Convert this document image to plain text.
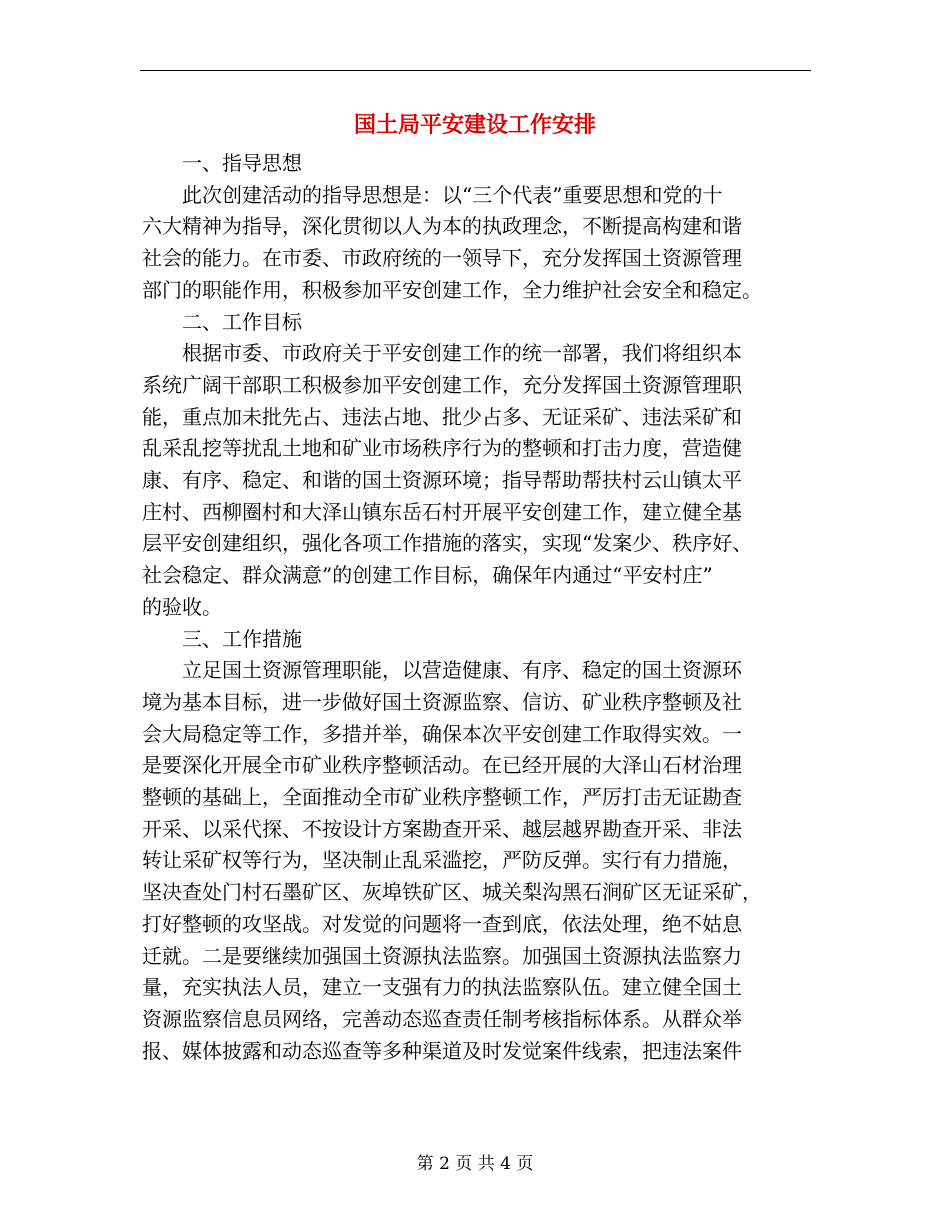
国土局平安建设工作安排

一、指导思想

此次创建活动的指导思想是：以“三个代表”重要思想和党的十
六大精神为指导，深化贯彻以人为本的执政理念，不断提高构建和谐
社会的能力。在市委、市政府统的一领导下，充分发挥国土资源管理
部门的职能作用，积极参加平安创建工作，全力维护社会安全和稳定。

二、工作目标

根据市委、市政府关于平安创建工作的统一部署，我们将组织本
系统广阔干部职工积极参加平安创建工作，充分发挥国土资源管理职
能，重点加未批先占、违法占地、批少占多、无证采矿、违法采矿和
乱采乱挖等扰乱土地和矿业市场秩序行为的整顿和打击力度，营造健
康、有序、稳定、和谐的国土资源环境；指导帮助帮扶村云山镇太平
庄村、西柳圈村和大泽山镇东岳石村开展平安创建工作，建立健全基
层平安创建组织，强化各项工作措施的落实，实现“发案少、秩序好、
社会稳定、群众满意”的创建工作目标，确保年内通过“平安村庄”
的验收。

三、工作措施

立足国土资源管理职能，以营造健康、有序、稳定的国土资源环
境为基本目标，进一步做好国土资源监察、信访、矿业秩序整顿及社
会大局稳定等工作，多措并举，确保本次平安创建工作取得实效。一
是要深化开展全市矿业秩序整顿活动。在已经开展的大泽山石材治理
整顿的基础上，全面推动全市矿业秩序整顿工作，严厉打击无证勘查
开采、以采代探、不按设计方案勘查开采、越层越界勘查开采、非法
转让采矿权等行为，坚决制止乱采滥挖，严防反弹。实行有力措施，
坚决查处门村石墨矿区、灰埠铁矿区、城关梨沟黑石涧矿区无证采矿，
打好整顿的攻坚战。对发觉的问题将一查到底，依法处理，绝不姑息
迁就。二是要继续加强国土资源执法监察。加强国土资源执法监察力
量，充实执法人员，建立一支强有力的执法监察队伍。建立健全国土
资源监察信息员网络，完善动态巡查责任制考核指标体系。从群众举
报、媒体披露和动态巡查等多种渠道及时发觉案件线索，把违法案件

第 2 页 共 4 页
